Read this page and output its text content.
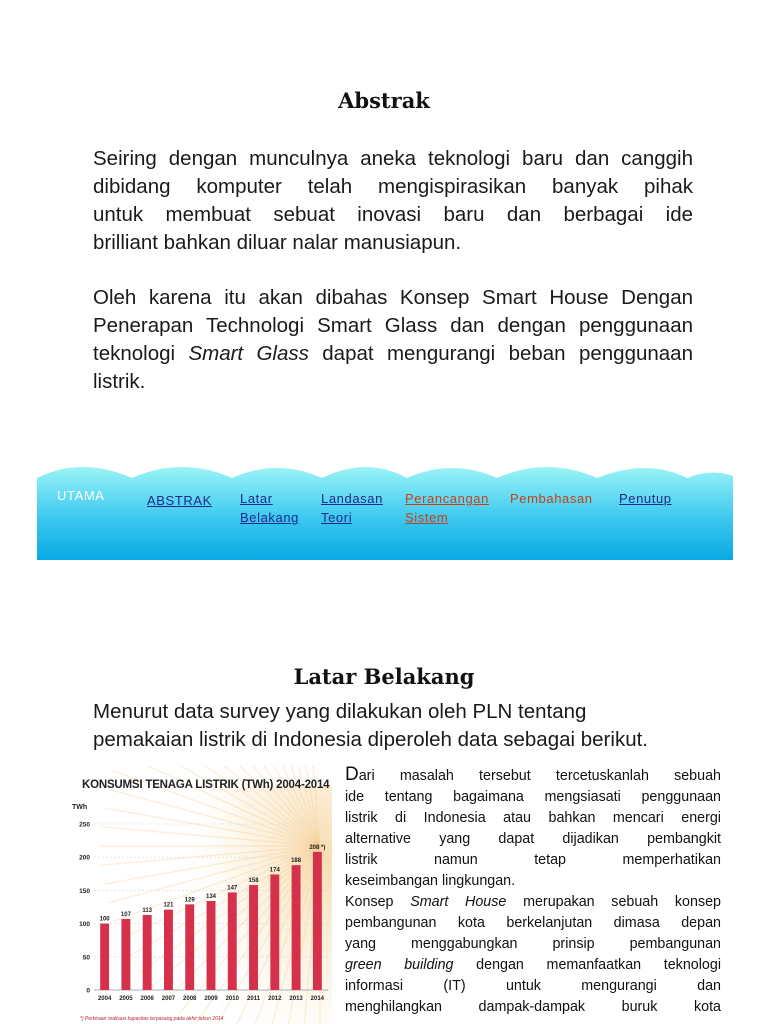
Abstrak
Seiring dengan munculnya aneka teknologi baru dan canggih
dibidang komputer telah mengispirasikan banyak pihak
untuk membuat sebuat inovasi baru dan berbagai ide
brilliant bahkan diluar nalar manusiapun.
Oleh karena itu akan dibahas Konsep Smart House Dengan
Penerapan Technologi Smart Glass dan dengan penggunaan
teknologi Smart Glass dapat mengurangi beban penggunaan
listrik.
UTAMA	ABSTRAK Latar
Belakang
Landasan
Teori
Perancangan
Sistem
Pembahasan Penutup
Latar Belakang
Menurut data survey yang dilakukan oleh PLN tentang
pemakaian listrik di Indonesia diperoleh data sebagai berikut.
100
107
113
121
129
134
147
158
174
188
208 *)
2004 2005 2006 2007 2008 2009 2010 2011 2012 2013 2014
0
50
100
150
200
250
KONSUMSI TENAGA LISTRIK (TWh) 2004-2014
TWh
*) Perkiraan realisasi kapasitas terpasang pada akhir tahun 2014
Dari masalah tersebut tercetuskanlah sebuah
ide tentang bagaimana mengsiasati penggunaan
listrik di Indonesia atau bahkan mencari energi
alternative yang dapat dijadikan pembangkit
listrik namun tetap memperhatikan
keseimbangan lingkungan.
Konsep Smart House merupakan sebuah konsep
pembangunan kota berkelanjutan dimasa depan
yang menggabungkan prinsip pembangunan
green building dengan memanfaatkan teknologi
informasi (IT) untuk mengurangi dan
menghilangkan dampak-dampak buruk kota
